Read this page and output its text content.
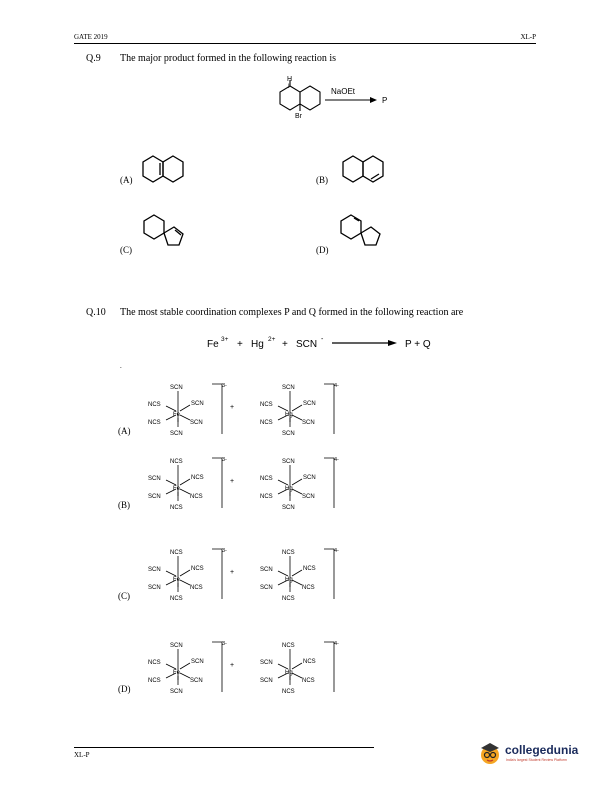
GATE 2019	XL-P
Q.9 The major product formed in the following reaction is
H
I
Br
NaOEt
P
(A)	(B)
(C)	(D)
Q.10 The most stable coordination complexes P and Q formed in the following reaction are
Fe 3+ + Hg 2+ + SCN -	P + Q
.
(A)
SCN
NCS	SCN
NCS	SCN
SCN
Fe
3-
+
SCN
NCS	SCN
NCS	SCN
SCN
Hg
4-
(B)
NCS
SCN	NCS
SCN	NCS
NCS
Fe
3-
+
SCN
NCS	SCN
NCS	SCN
SCN
Hg
4-
(C)
NCS
SCN	NCS
SCN	NCS
NCS
Fe
3-
+
NCS
SCN	NCS
SCN	NCS
NCS
Hg
4-
(D)
SCN
NCS	SCN
NCS	SCN
SCN
Fe
3-
+
NCS
SCN	NCS
SCN	NCS
NCS
Hg
4-
XL-P	collegedunia
India's largest Student Review Platform
